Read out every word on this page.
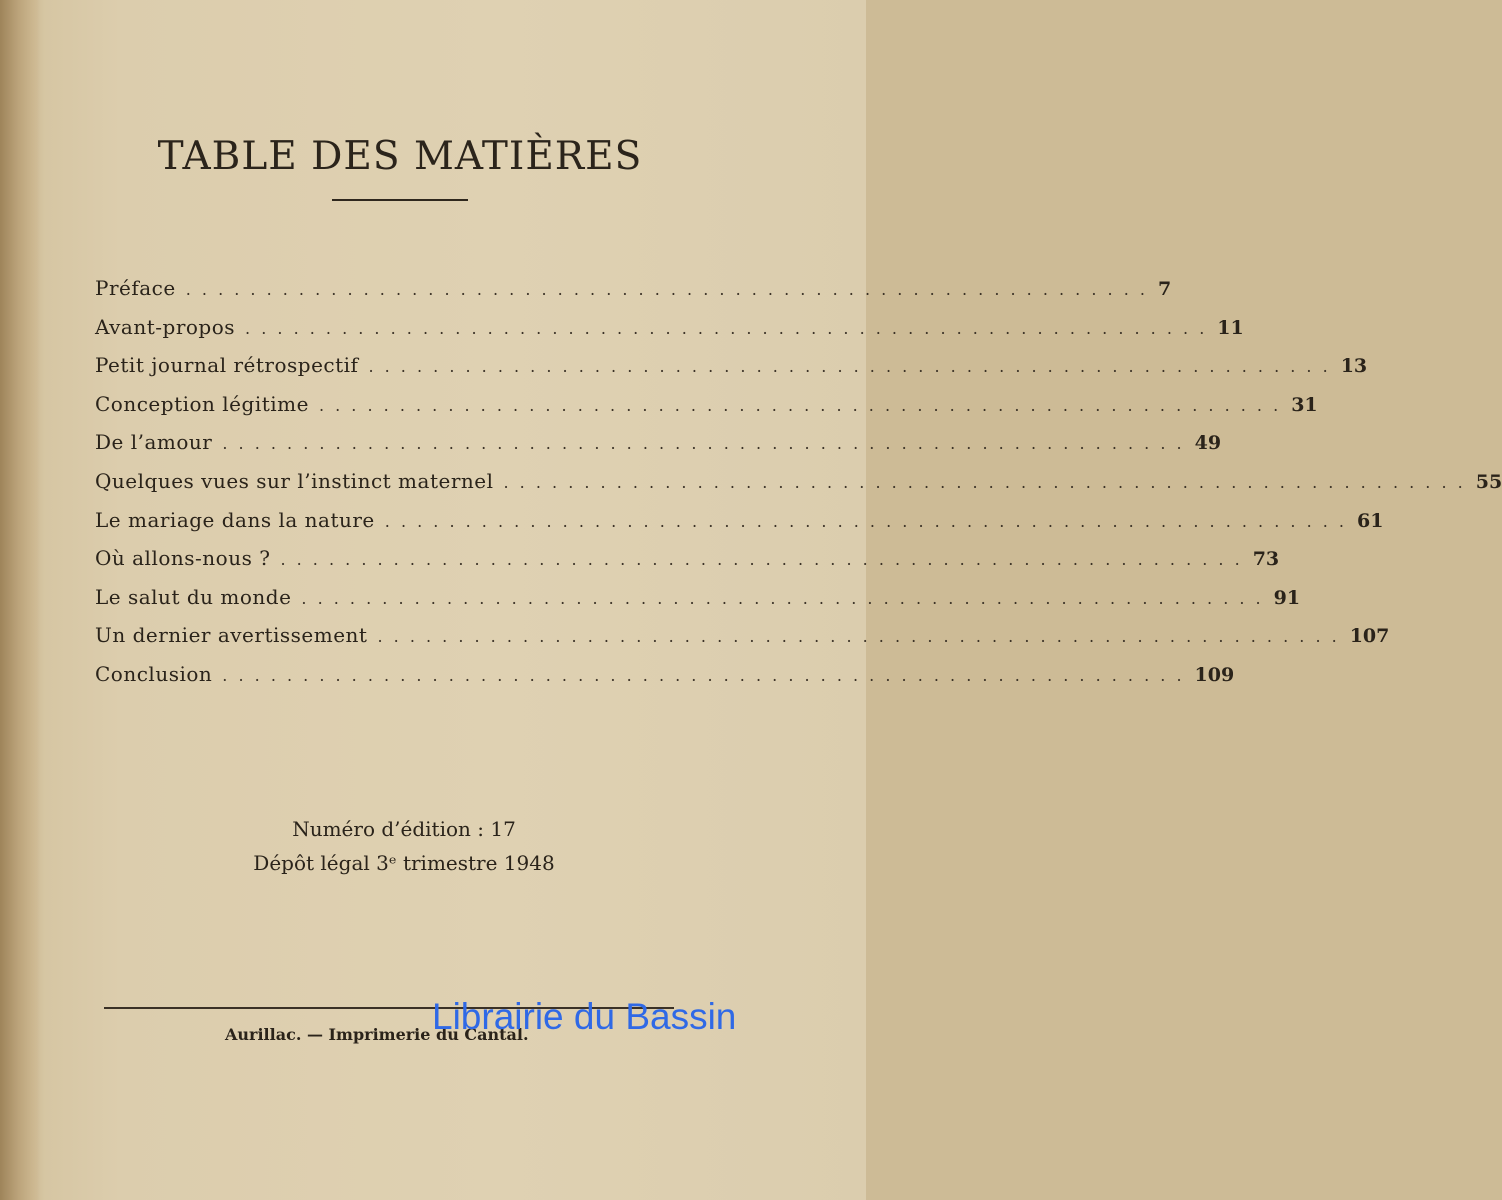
TABLE DES MATIÈRES
Préface . . . . . . . . . . . . . . . . . . . . . . . . . . . . . . . . . . . . . . . . . . . . . . . . . . . . . . . . . . . . 7
Avant-propos . . . . . . . . . . . . . . . . . . . . . . . . . . . . . . . . . . . . . . . . . . . . . . . . . . . . . . . . . . . . 11
Petit journal rétrospectif . . . . . . . . . . . . . . . . . . . . . . . . . . . . . . . . . . . . . . . . . . . . . . . . . . . . . . . . . . . . 13
Conception légitime . . . . . . . . . . . . . . . . . . . . . . . . . . . . . . . . . . . . . . . . . . . . . . . . . . . . . . . . . . . . 31
De l’amour . . . . . . . . . . . . . . . . . . . . . . . . . . . . . . . . . . . . . . . . . . . . . . . . . . . . . . . . . . . . 49
Quelques vues sur l’instinct maternel . . . . . . . . . . . . . . . . . . . . . . . . . . . . . . . . . . . . . . . . . . . . . . . . . . . . . . . . . . . . 55
Le mariage dans la nature . . . . . . . . . . . . . . . . . . . . . . . . . . . . . . . . . . . . . . . . . . . . . . . . . . . . . . . . . . . . 61
Où allons-nous ? . . . . . . . . . . . . . . . . . . . . . . . . . . . . . . . . . . . . . . . . . . . . . . . . . . . . . . . . . . . . 73
Le salut du monde . . . . . . . . . . . . . . . . . . . . . . . . . . . . . . . . . . . . . . . . . . . . . . . . . . . . . . . . . . . . 91
Un dernier avertissement . . . . . . . . . . . . . . . . . . . . . . . . . . . . . . . . . . . . . . . . . . . . . . . . . . . . . . . . . . . . 107
Conclusion . . . . . . . . . . . . . . . . . . . . . . . . . . . . . . . . . . . . . . . . . . . . . . . . . . . . . . . . . . . . 109
Numéro d’édition : 17
Dépôt légal 3ᵉ trimestre 1948
Aurillac. — Imprimerie du Cantal.
Librairie du Bassin
